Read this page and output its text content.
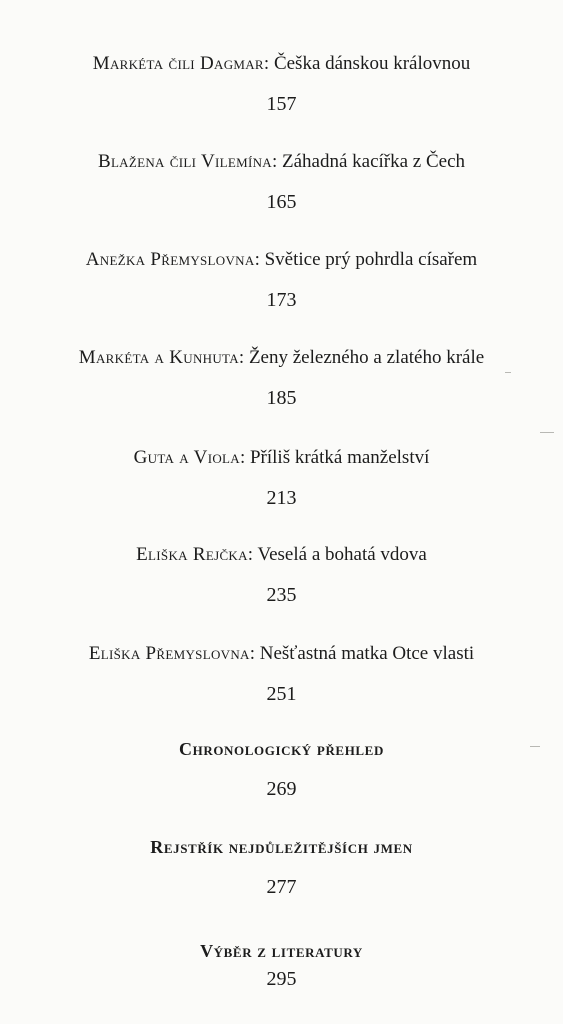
Markéta čili Dagmar: Češka dánskou královnou
157
Blažena čili Vilemína: Záhadná kacířka z Čech
165
Anežka Přemyslovna: Světice prý pohrdla císařem
173
Markéta a Kunhuta: Ženy železného a zlatého krále
185
Guta a Viola: Příliš krátká manželství
213
Eliška Rejčka: Veselá a bohatá vdova
235
Eliška Přemyslovna: Nešťastná matka Otce vlasti
251
Chronologický přehled
269
Rejstřík nejdůležitějších jmen
277
Výběr z literatury
295
